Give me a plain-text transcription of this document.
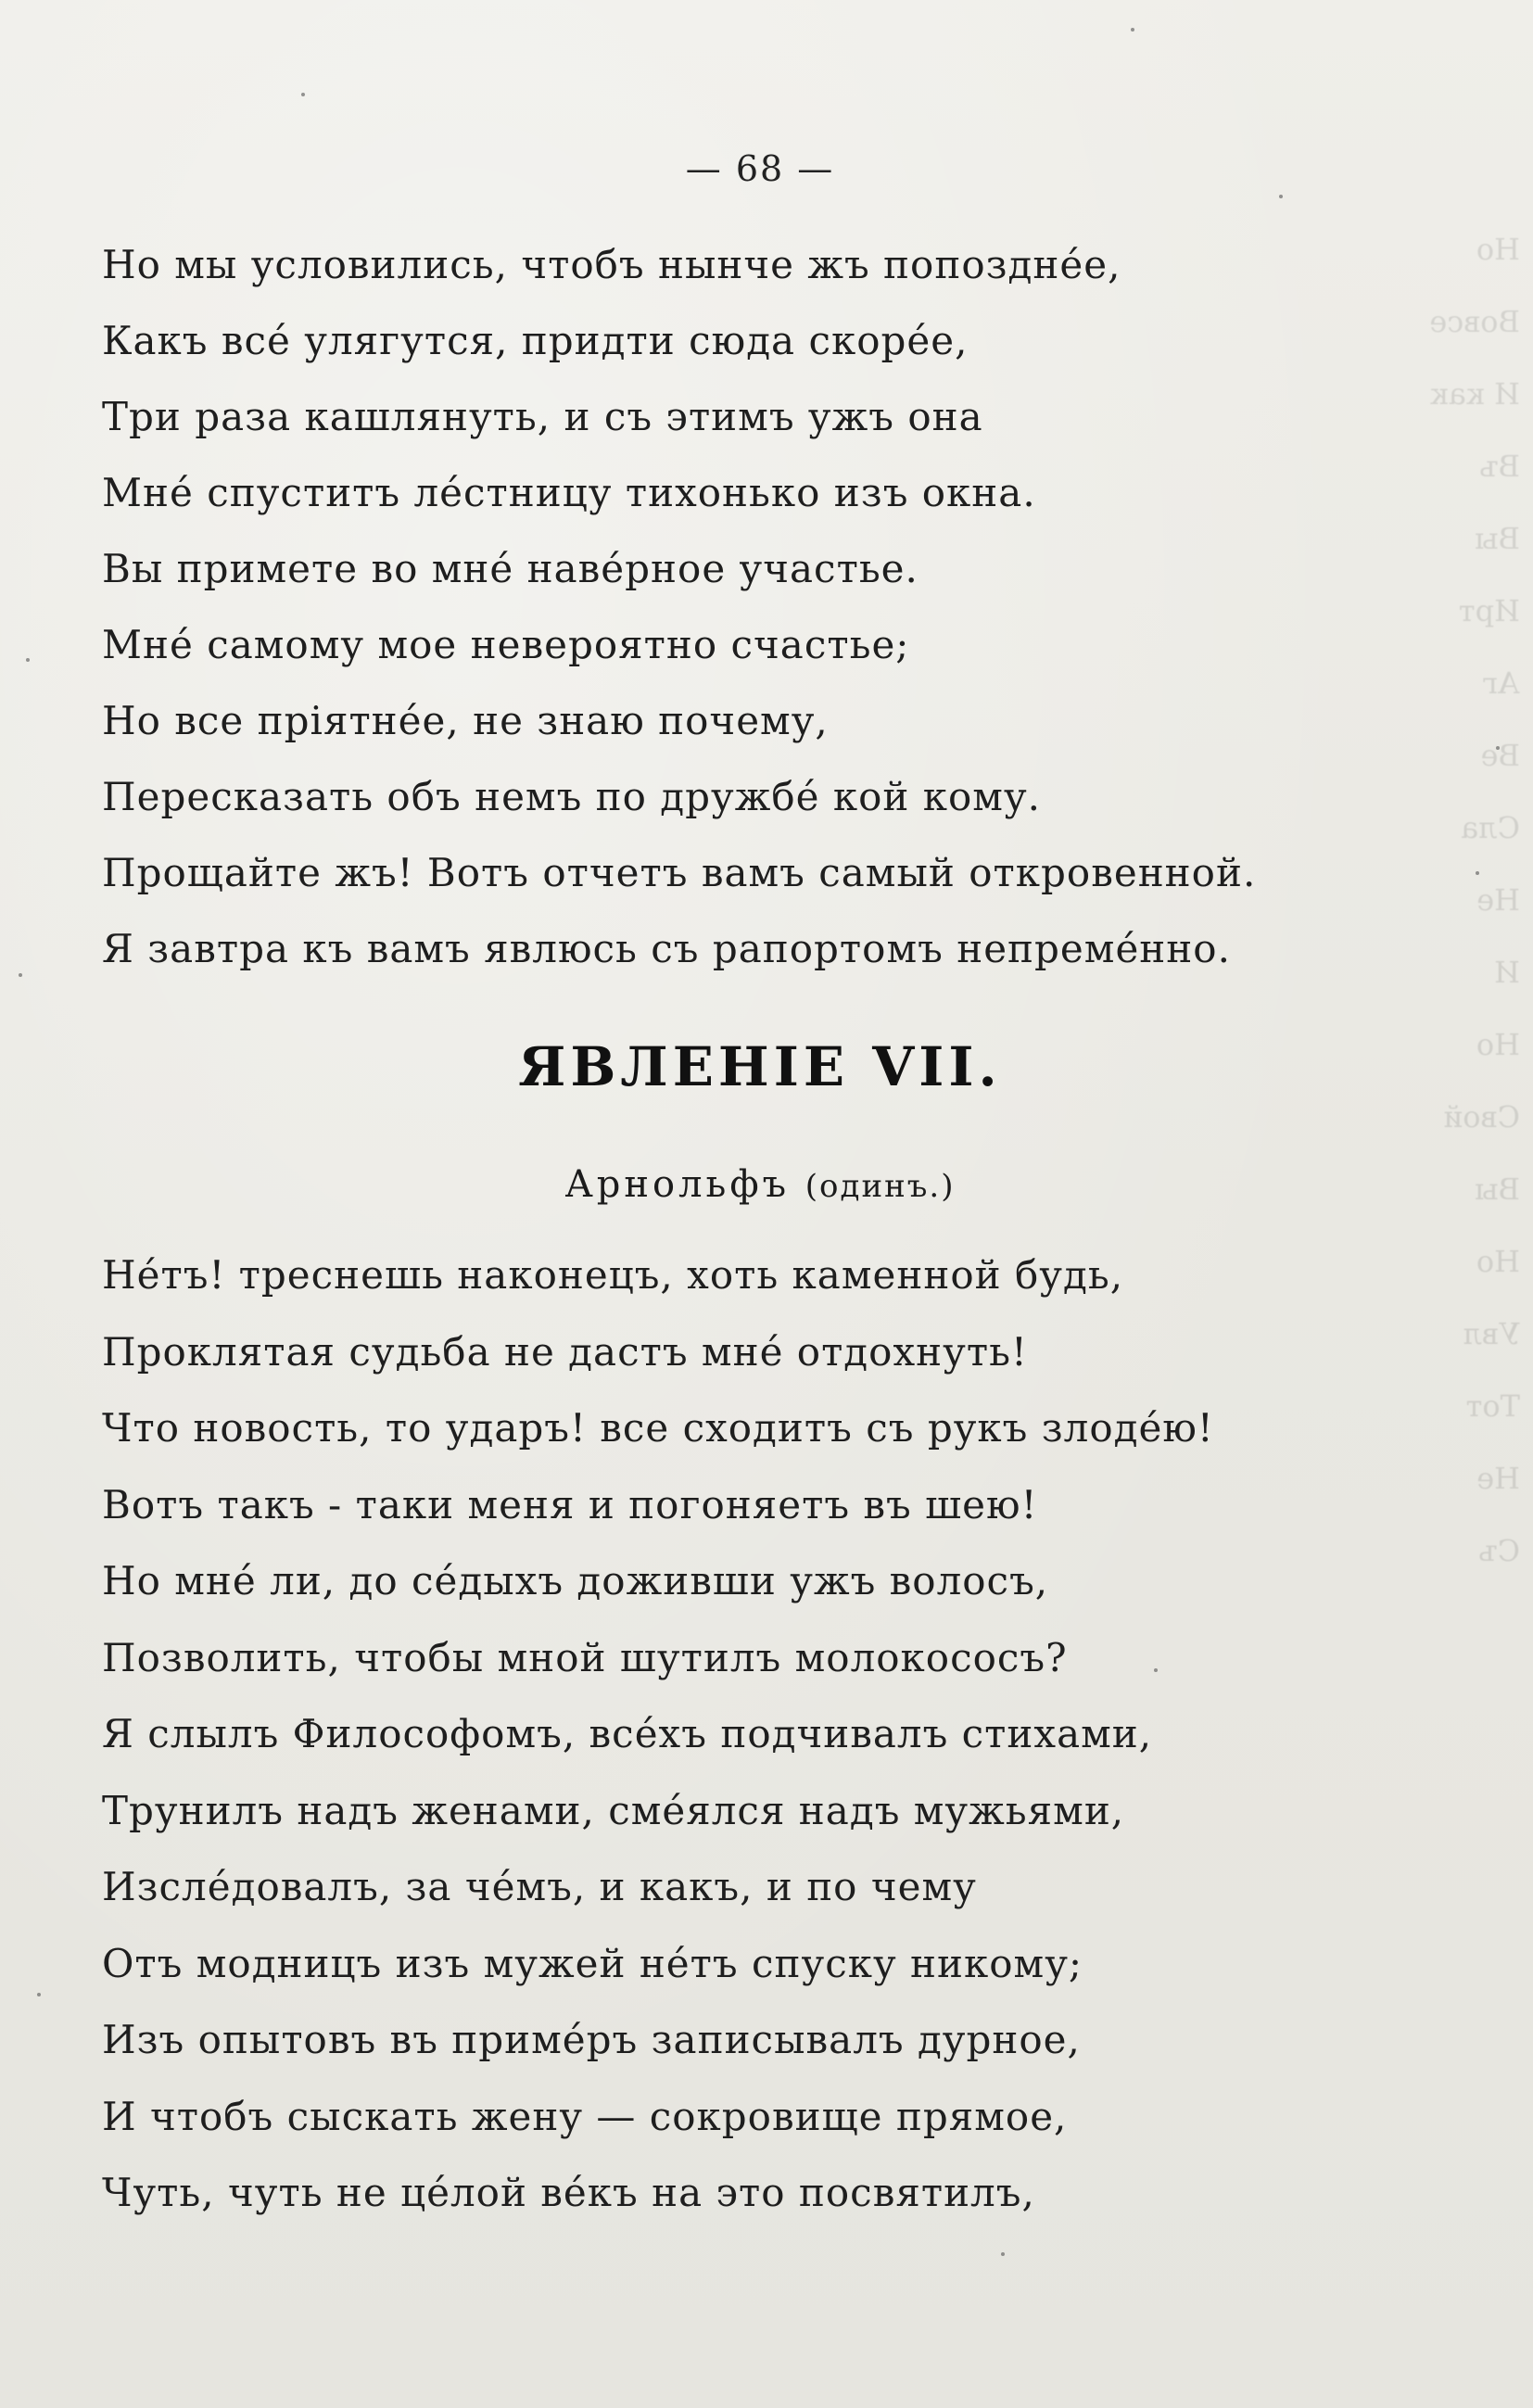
Но
Вовсе
И как
Въ
Вы
Ирт
Аг
Ве
Сла
Не
И
Но
Свой
Вы
Но
Увл
Тот
Не
Съ
— 68 —

Но мы условились, чтобъ нынче жъ попоздне́е,

Какъ все́ улягутся, придти сюда скоре́е,

Три раза кашлянуть, и съ этимъ ужъ она

Мне́ спуститъ ле́стницу тихонько изъ окна.

Вы примете во мне́ наве́рное участье.

Мне́ самому мое невероятно счастье;

Но все прiятне́е, не знаю почему,

Пересказать объ немъ по дружбе́ кой кому.

Прощайте жъ! Вотъ отчетъ вамъ самый откровенной.

Я завтра къ вамъ явлюсь съ рапортомъ непреме́нно.

ЯВЛЕНIЕ VII.
Арнольфъ (одинъ.)

Не́тъ! треснешь наконецъ, хоть каменной будь,

Проклятая судьба не дастъ мне́ отдохнуть!

Что новость, то ударъ! все сходитъ съ рукъ злоде́ю!

Вотъ такъ - таки меня и погоняетъ въ шею!

Но мне́ ли, до се́дыхъ доживши ужъ волосъ,

Позволить, чтобы мной шутилъ молокососъ?

Я слылъ Философомъ, все́хъ подчивалъ стихами,

Трунилъ надъ женами, сме́ялся надъ мужьями,

Изсле́довалъ, за че́мъ, и какъ, и по чему

Отъ модницъ изъ мужей не́тъ спуску никому;

Изъ опытовъ въ приме́ръ записывалъ дурное,

И чтобъ сыскать жену — сокровище прямое,

Чуть, чуть не це́лой ве́къ на это посвятилъ,
